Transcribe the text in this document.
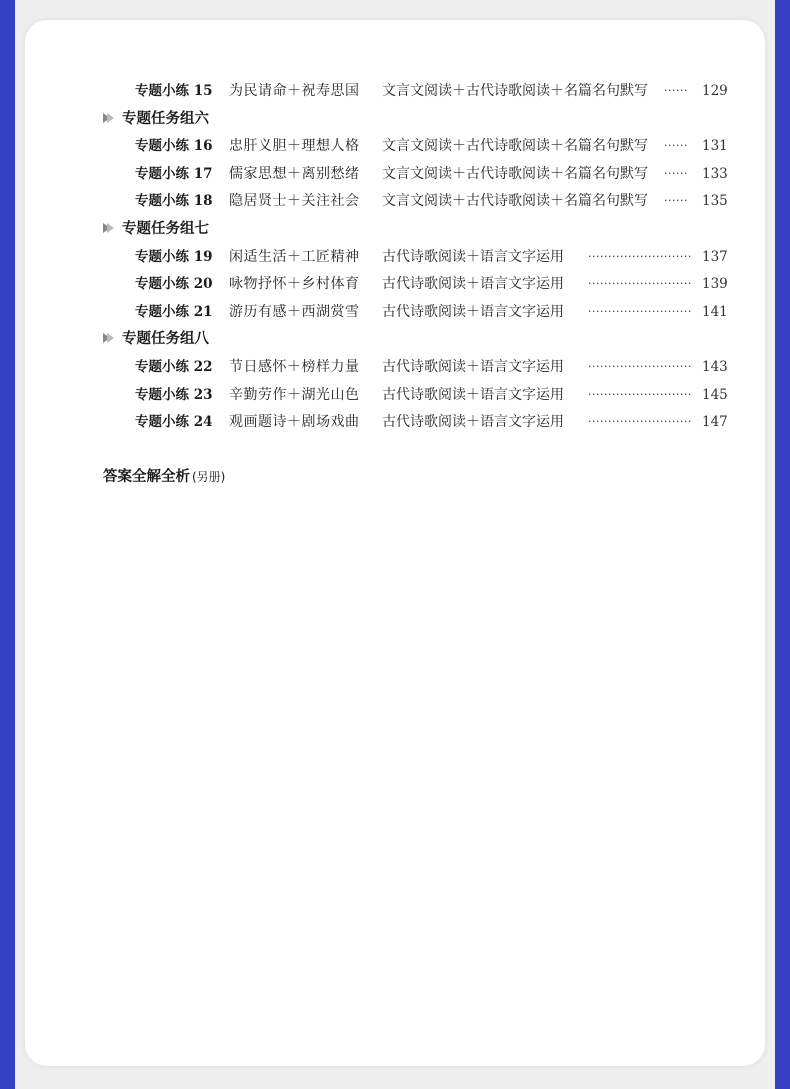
专题小练 15 为民请命＋祝寿思国 文言文阅读＋古代诗歌阅读＋名篇名句默写 ······ 129
专题任务组六
专题小练 16 忠肝义胆＋理想人格 文言文阅读＋古代诗歌阅读＋名篇名句默写 ······ 131
专题小练 17 儒家思想＋离别愁绪 文言文阅读＋古代诗歌阅读＋名篇名句默写 ······ 133
专题小练 18 隐居贤士＋关注社会 文言文阅读＋古代诗歌阅读＋名篇名句默写 ······ 135
专题任务组七
专题小练 19 闲适生活＋工匠精神 古代诗歌阅读＋语言文字运用 ·························· 137
专题小练 20 咏物抒怀＋乡村体育 古代诗歌阅读＋语言文字运用 ·························· 139
专题小练 21 游历有感＋西湖赏雪 古代诗歌阅读＋语言文字运用 ·························· 141
专题任务组八
专题小练 22 节日感怀＋榜样力量 古代诗歌阅读＋语言文字运用 ·························· 143
专题小练 23 辛勤劳作＋湖光山色 古代诗歌阅读＋语言文字运用 ·························· 145
专题小练 24 观画题诗＋剧场戏曲 古代诗歌阅读＋语言文字运用 ·························· 147
答案全解全析 (另册)
